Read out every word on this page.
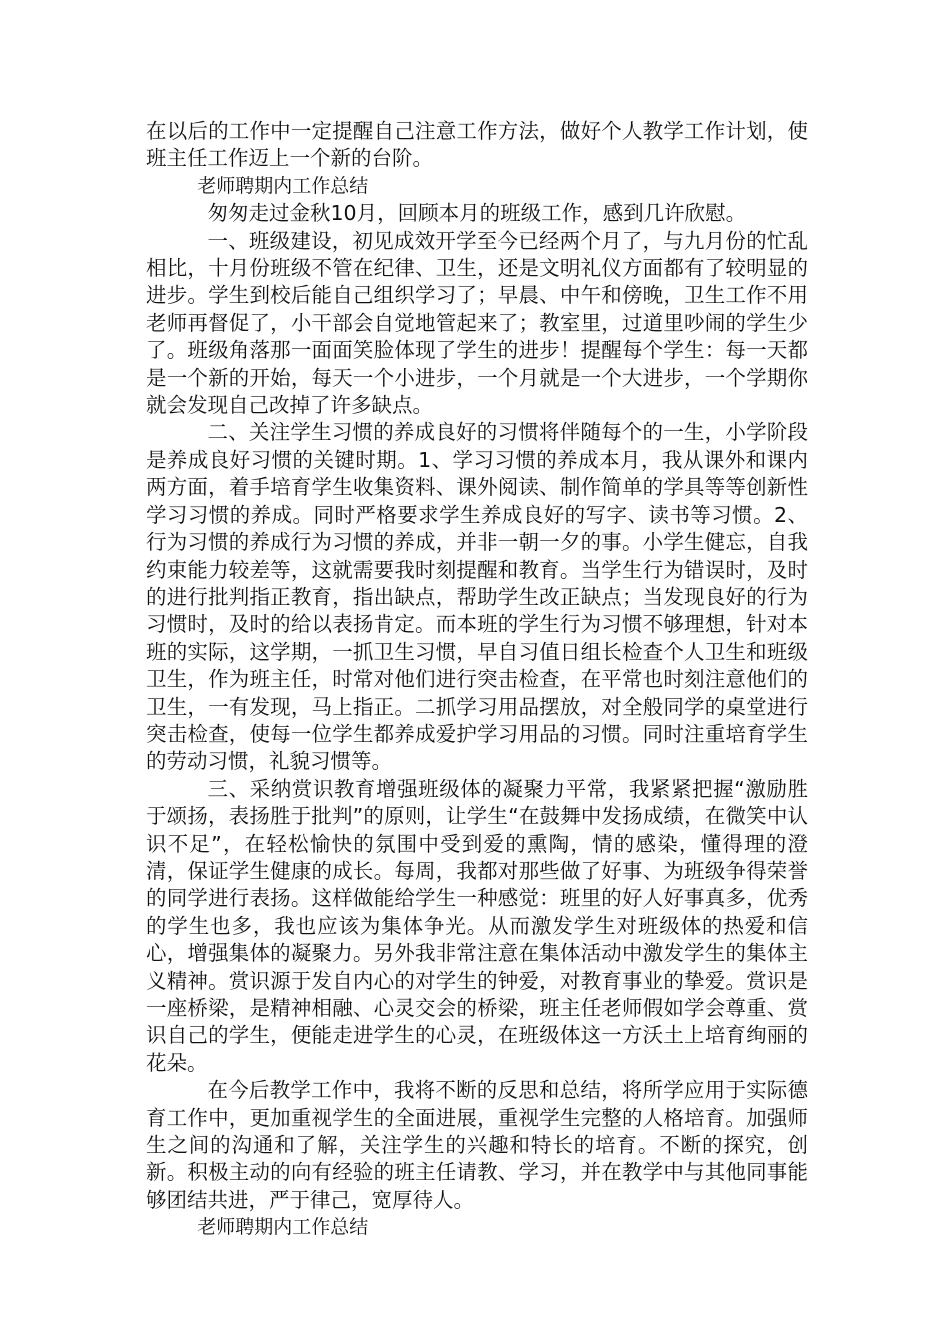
在以后的工作中一定提醒自己注意工作方法，做好个人教学工作计划，使班主任工作迈上一个新的台阶。

老师聘期内工作总结

匆匆走过金秋10月，回顾本月的班级工作，感到几许欣慰。

一、班级建设，初见成效开学至今已经两个月了，与九月份的忙乱相比，十月份班级不管在纪律、卫生，还是文明礼仪方面都有了较明显的进步。学生到校后能自己组织学习了；早晨、中午和傍晚，卫生工作不用老师再督促了，小干部会自觉地管起来了；教室里，过道里吵闹的学生少了。班级角落那一面面笑脸体现了学生的进步！提醒每个学生：每一天都是一个新的开始，每天一个小进步，一个月就是一个大进步，一个学期你就会发现自己改掉了许多缺点。

二、关注学生习惯的养成良好的习惯将伴随每个的一生，小学阶段是养成良好习惯的关键时期。1、学习习惯的养成本月，我从课外和课内两方面，着手培育学生收集资料、课外阅读、制作简单的学具等等创新性学习习惯的养成。同时严格要求学生养成良好的写字、读书等习惯。2、行为习惯的养成行为习惯的养成，并非一朝一夕的事。小学生健忘，自我约束能力较差等，这就需要我时刻提醒和教育。当学生行为错误时，及时的进行批判指正教育，指出缺点，帮助学生改正缺点；当发现良好的行为习惯时，及时的给以表扬肯定。而本班的学生行为习惯不够理想，针对本班的实际，这学期，一抓卫生习惯，早自习值日组长检查个人卫生和班级卫生，作为班主任，时常对他们进行突击检查，在平常也时刻注意他们的卫生，一有发现，马上指正。二抓学习用品摆放，对全般同学的桌堂进行突击检查，使每一位学生都养成爱护学习用品的习惯。同时注重培育学生的劳动习惯，礼貌习惯等。

三、采纳赏识教育增强班级体的凝聚力平常，我紧紧把握“激励胜于颂扬，表扬胜于批判”的原则，让学生“在鼓舞中发扬成绩，在微笑中认识不足”，在轻松愉快的氛围中受到爱的熏陶，情的感染，懂得理的澄清，保证学生健康的成长。每周，我都对那些做了好事、为班级争得荣誉的同学进行表扬。这样做能给学生一种感觉：班里的好人好事真多，优秀的学生也多，我也应该为集体争光。从而激发学生对班级体的热爱和信心，增强集体的凝聚力。另外我非常注意在集体活动中激发学生的集体主义精神。赏识源于发自内心的对学生的钟爱，对教育事业的挚爱。赏识是一座桥梁，是精神相融、心灵交会的桥梁，班主任老师假如学会尊重、赏识自己的学生，便能走进学生的心灵，在班级体这一方沃土上培育绚丽的花朵。

在今后教学工作中，我将不断的反思和总结，将所学应用于实际德育工作中，更加重视学生的全面进展，重视学生完整的人格培育。加强师生之间的沟通和了解，关注学生的兴趣和特长的培育。不断的探究，创新。积极主动的向有经验的班主任请教、学习，并在教学中与其他同事能够团结共进，严于律己，宽厚待人。

老师聘期内工作总结
